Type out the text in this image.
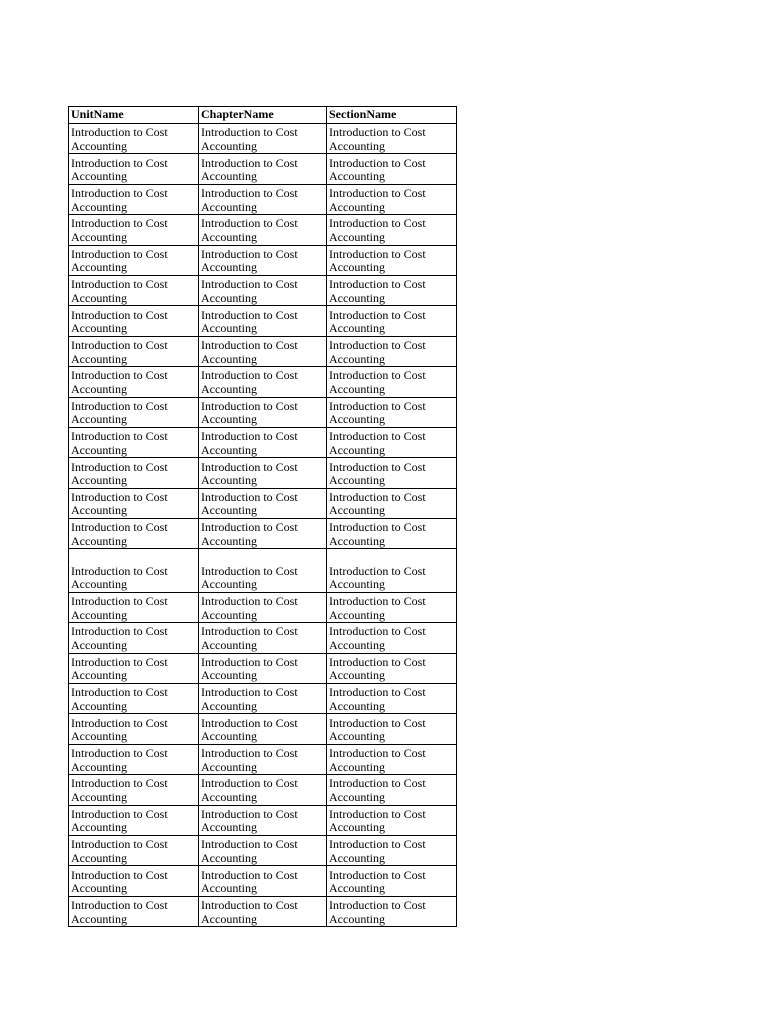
UnitName	ChapterName	SectionName
Introduction to Cost Accounting	Introduction to Cost Accounting	Introduction to Cost Accounting
Introduction to Cost Accounting	Introduction to Cost Accounting	Introduction to Cost Accounting
Introduction to Cost Accounting	Introduction to Cost Accounting	Introduction to Cost Accounting
Introduction to Cost Accounting	Introduction to Cost Accounting	Introduction to Cost Accounting
Introduction to Cost Accounting	Introduction to Cost Accounting	Introduction to Cost Accounting
Introduction to Cost Accounting	Introduction to Cost Accounting	Introduction to Cost Accounting
Introduction to Cost Accounting	Introduction to Cost Accounting	Introduction to Cost Accounting
Introduction to Cost Accounting	Introduction to Cost Accounting	Introduction to Cost Accounting
Introduction to Cost Accounting	Introduction to Cost Accounting	Introduction to Cost Accounting
Introduction to Cost Accounting	Introduction to Cost Accounting	Introduction to Cost Accounting
Introduction to Cost Accounting	Introduction to Cost Accounting	Introduction to Cost Accounting
Introduction to Cost Accounting	Introduction to Cost Accounting	Introduction to Cost Accounting
Introduction to Cost Accounting	Introduction to Cost Accounting	Introduction to Cost Accounting
Introduction to Cost Accounting	Introduction to Cost Accounting	Introduction to Cost Accounting
Introduction to Cost Accounting	Introduction to Cost Accounting	Introduction to Cost Accounting
Introduction to Cost Accounting	Introduction to Cost Accounting	Introduction to Cost Accounting
Introduction to Cost Accounting	Introduction to Cost Accounting	Introduction to Cost Accounting
Introduction to Cost Accounting	Introduction to Cost Accounting	Introduction to Cost Accounting
Introduction to Cost Accounting	Introduction to Cost Accounting	Introduction to Cost Accounting
Introduction to Cost Accounting	Introduction to Cost Accounting	Introduction to Cost Accounting
Introduction to Cost Accounting	Introduction to Cost Accounting	Introduction to Cost Accounting
Introduction to Cost Accounting	Introduction to Cost Accounting	Introduction to Cost Accounting
Introduction to Cost Accounting	Introduction to Cost Accounting	Introduction to Cost Accounting
Introduction to Cost Accounting	Introduction to Cost Accounting	Introduction to Cost Accounting
Introduction to Cost Accounting	Introduction to Cost Accounting	Introduction to Cost Accounting
Introduction to Cost Accounting	Introduction to Cost Accounting	Introduction to Cost Accounting
